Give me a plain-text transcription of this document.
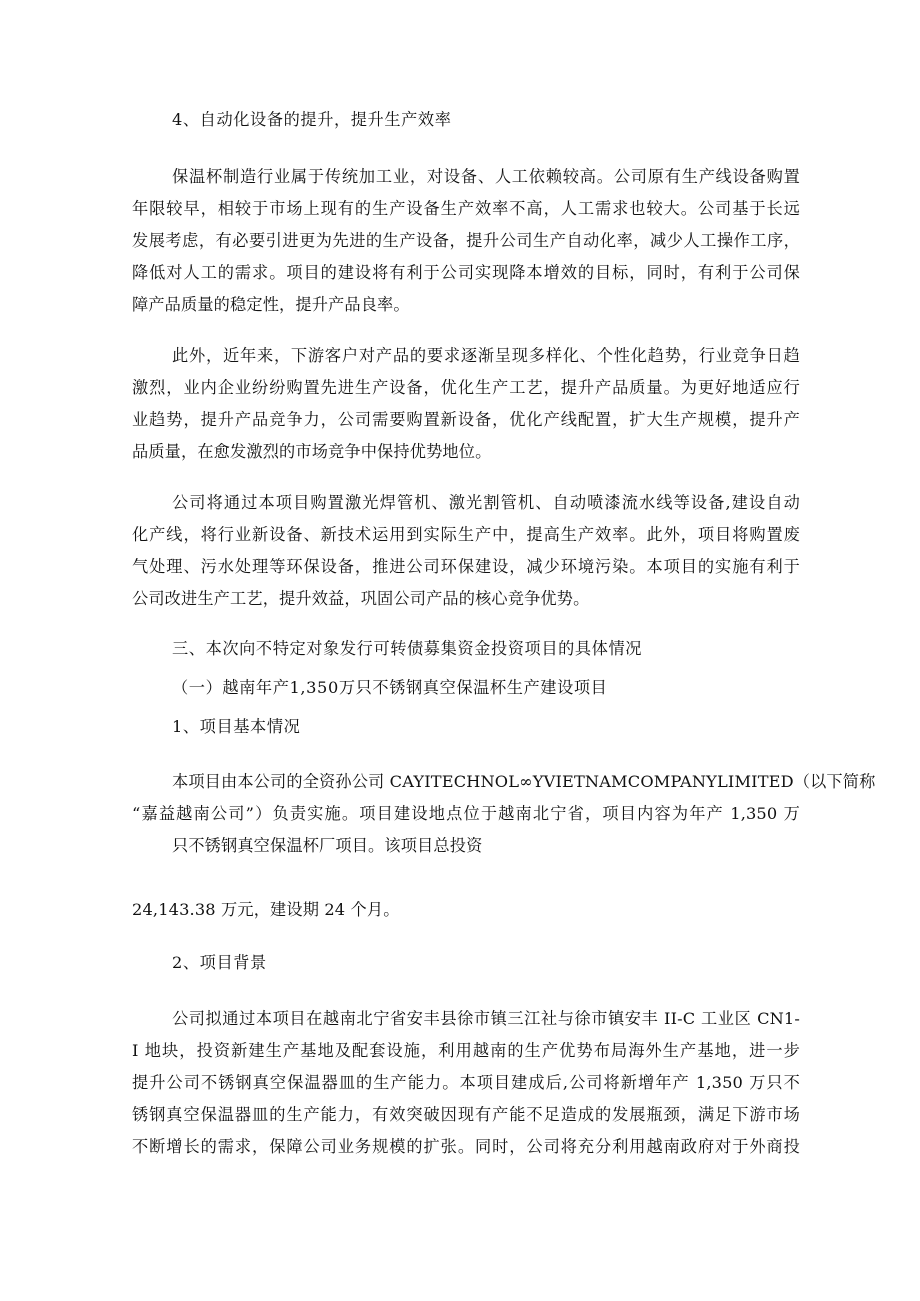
4、自动化设备的提升，提升生产效率
保温杯制造行业属于传统加工业，对设备、人工依赖较高。公司原有生产线设备购置
年限较早，相较于市场上现有的生产设备生产效率不高，人工需求也较大。公司基于长远
发展考虑，有必要引进更为先进的生产设备，提升公司生产自动化率，减少人工操作工序，
降低对人工的需求。项目的建设将有利于公司实现降本增效的目标，同时，有利于公司保
障产品质量的稳定性，提升产品良率。
此外，近年来，下游客户对产品的要求逐渐呈现多样化、个性化趋势，行业竞争日趋
激烈，业内企业纷纷购置先进生产设备，优化生产工艺，提升产品质量。为更好地适应行
业趋势，提升产品竞争力，公司需要购置新设备，优化产线配置，扩大生产规模，提升产
品质量，在愈发激烈的市场竞争中保持优势地位。
公司将通过本项目购置激光焊管机、激光割管机、自动喷漆流水线等设备,建设自动
化产线，将行业新设备、新技术运用到实际生产中，提高生产效率。此外，项目将购置废
气处理、污水处理等环保设备，推进公司环保建设，减少环境污染。本项目的实施有利于
公司改进生产工艺，提升效益，巩固公司产品的核心竞争优势。
三、本次向不特定对象发行可转债募集资金投资项目的具体情况
（一）越南年产1,350万只不锈钢真空保温杯生产建设项目
1、项目基本情况
本项目由本公司的全资孙公司 CAYITECHNOL∞YVIETNAMCOMPANYLIMITED（以下简称
“嘉益越南公司”）负责实施。项目建设地点位于越南北宁省，项目内容为年产 1,350 万
只不锈钢真空保温杯厂项目。该项目总投资
24,143.38 万元，建设期 24 个月。
2、项目背景
公司拟通过本项目在越南北宁省安丰县徐市镇三江社与徐市镇安丰 II-C 工业区 CN1-
I 地块，投资新建生产基地及配套设施，利用越南的生产优势布局海外生产基地，进一步
提升公司不锈钢真空保温器皿的生产能力。本项目建成后,公司将新增年产 1,350 万只不
锈钢真空保温器皿的生产能力，有效突破因现有产能不足造成的发展瓶颈，满足下游市场
不断增长的需求，保障公司业务规模的扩张。同时，公司将充分利用越南政府对于外商投
